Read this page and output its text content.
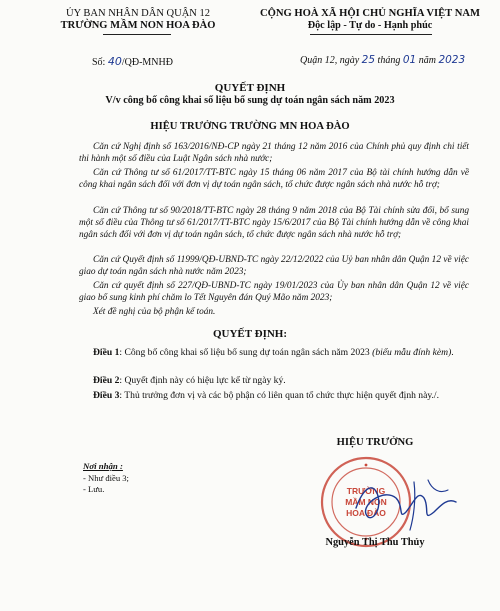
ỦY BAN NHÂN DÂN QUẬN 12
TRƯỜNG MẦM NON HOA ĐÀO
Số: 40/QĐ-MNHĐ
CỘNG HOÀ XÃ HỘI CHỦ NGHĨA VIỆT NAM
Độc lập - Tự do - Hạnh phúc
Quận 12, ngày 25 tháng 01 năm 2023
QUYẾT ĐỊNH
V/v công bố công khai số liệu bổ sung dự toán ngân sách năm 2023
HIỆU TRƯỞNG TRƯỜNG MN HOA ĐÀO
Căn cứ Nghị định số 163/2016/NĐ-CP ngày 21 tháng 12 năm 2016 của Chính phủ quy định chi tiết thi hành một số điều của Luật Ngân sách nhà nước;
Căn cứ Thông tư số 61/2017/TT-BTC ngày 15 tháng 06 năm 2017 của Bộ tài chính hướng dẫn về công khai ngân sách đối với đơn vị dự toán ngân sách, tổ chức được ngân sách nhà nước hỗ trợ;
Căn cứ Thông tư số 90/2018/TT-BTC ngày 28 tháng 9 năm 2018 của Bộ Tài chính sửa đổi, bổ sung một số điều của Thông tư số 61/2017/TT-BTC ngày 15/6/2017 của Bộ Tài chính hướng dẫn về công khai ngân sách đối với đơn vị dự toán ngân sách, tổ chức được ngân sách nhà nước hỗ trợ;
Căn cứ Quyết định số 11999/QĐ-UBND-TC ngày 22/12/2022 của Uỷ ban nhân dân Quận 12 về việc giao dự toán ngân sách nhà nước năm 2023;
Căn cứ quyết định số 227/QĐ-UBND-TC ngày 19/01/2023 của Ủy ban nhân dân Quận 12 về việc giao bổ sung kinh phí chăm lo Tết Nguyên đán Quý Mão năm 2023;
Xét đề nghị của bộ phận kế toán.
QUYẾT ĐỊNH:
Điều 1: Công bố công khai số liệu bổ sung dự toán ngân sách năm 2023 (biểu mẫu đính kèm).
Điều 2: Quyết định này có hiệu lực kể từ ngày ký.
Điều 3: Thủ trưởng đơn vị và các bộ phận có liên quan tổ chức thực hiện quyết định này./.
Nơi nhận :
- Như điều 3;
- Lưu.
HIỆU TRƯỞNG
TRƯỜNG
MẦM NON
HOA ĐÀO
Nguyễn Thị Thu Thủy
